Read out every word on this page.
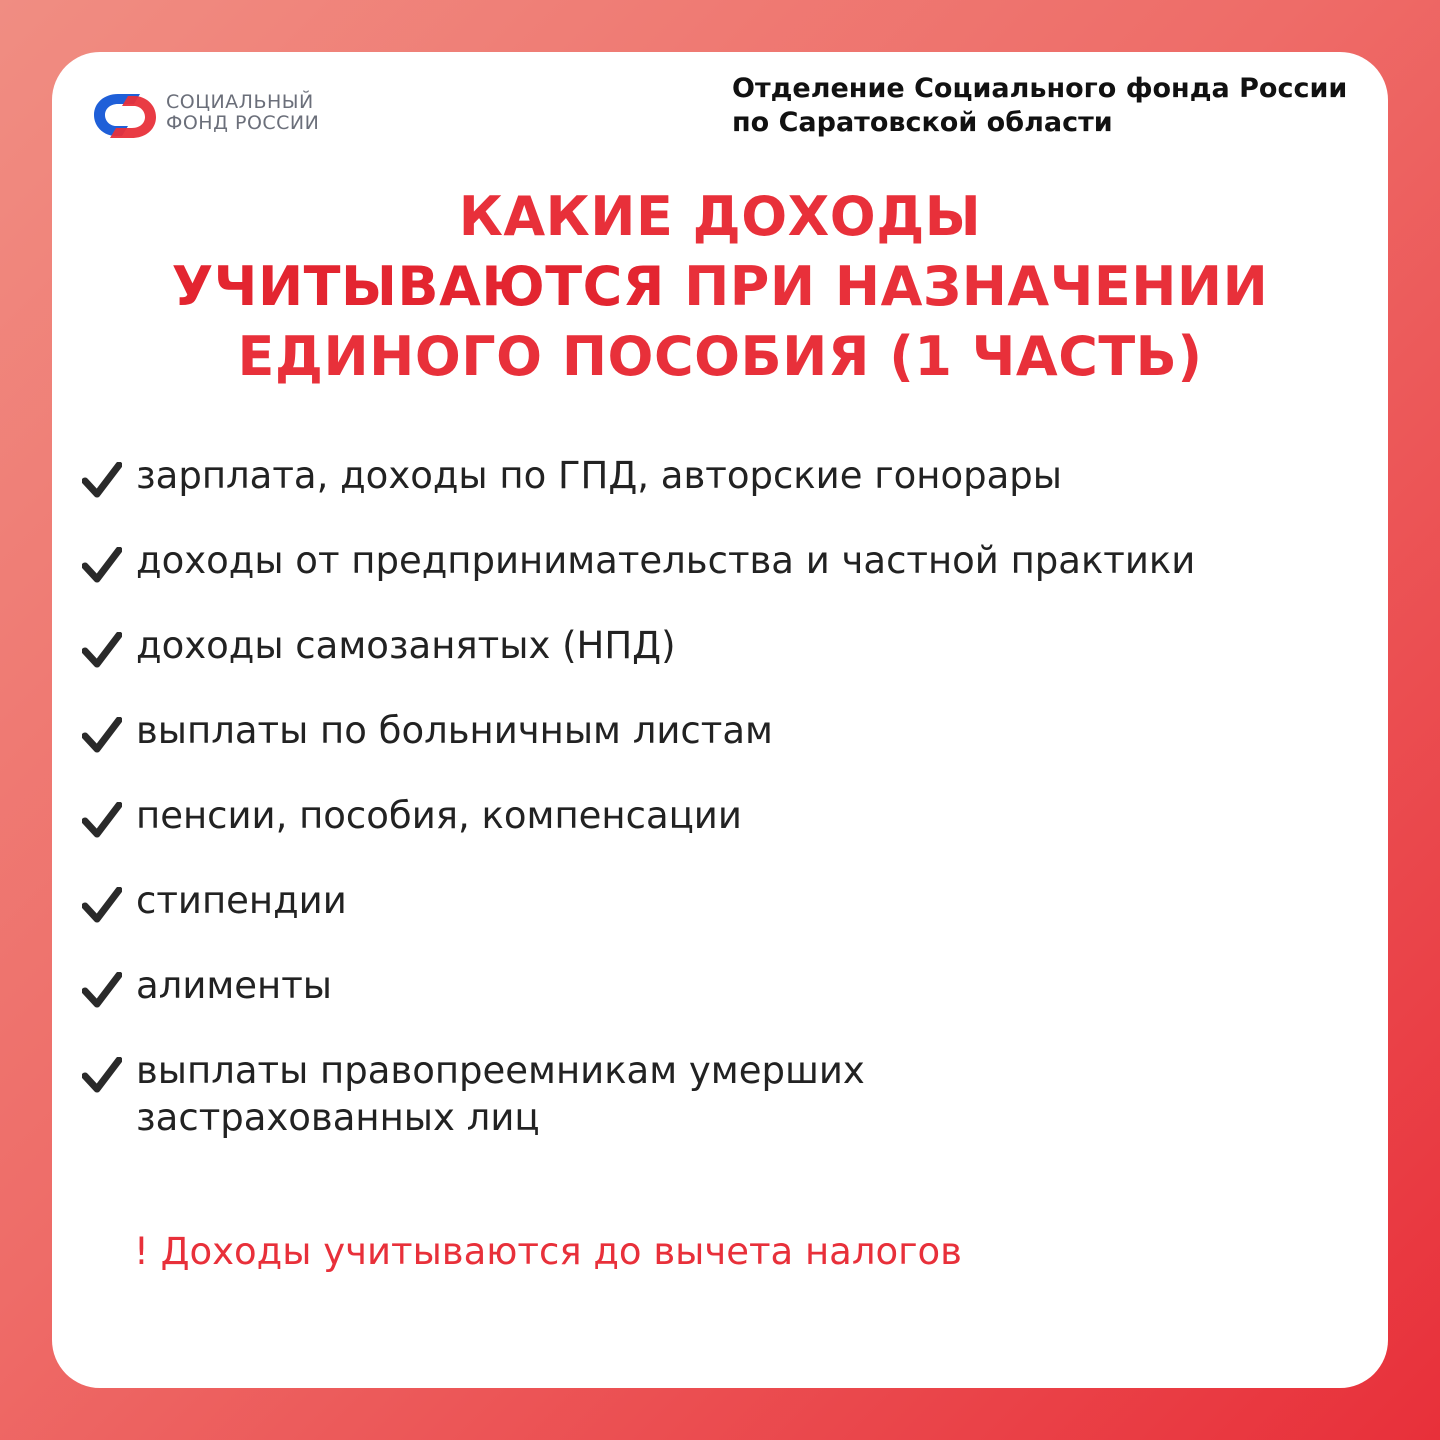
СОЦИАЛЬНЫЙ
ФОНД РОССИИ
Отделение Социального фонда России
по Саратовской области
КАКИЕ ДОХОДЫ
УЧИТЫВАЮТСЯ ПРИ НАЗНАЧЕНИИ
ЕДИНОГО ПОСОБИЯ (1 ЧАСТЬ)
зарплата, доходы по ГПД, авторские гонорары
доходы от предпринимательства и частной практики
доходы самозанятых (НПД)
выплаты по больничным листам
пенсии, пособия, компенсации
стипендии
алименты
выплаты правопреемникам умерших
застрахованных лиц
! Доходы учитываются до вычета налогов
